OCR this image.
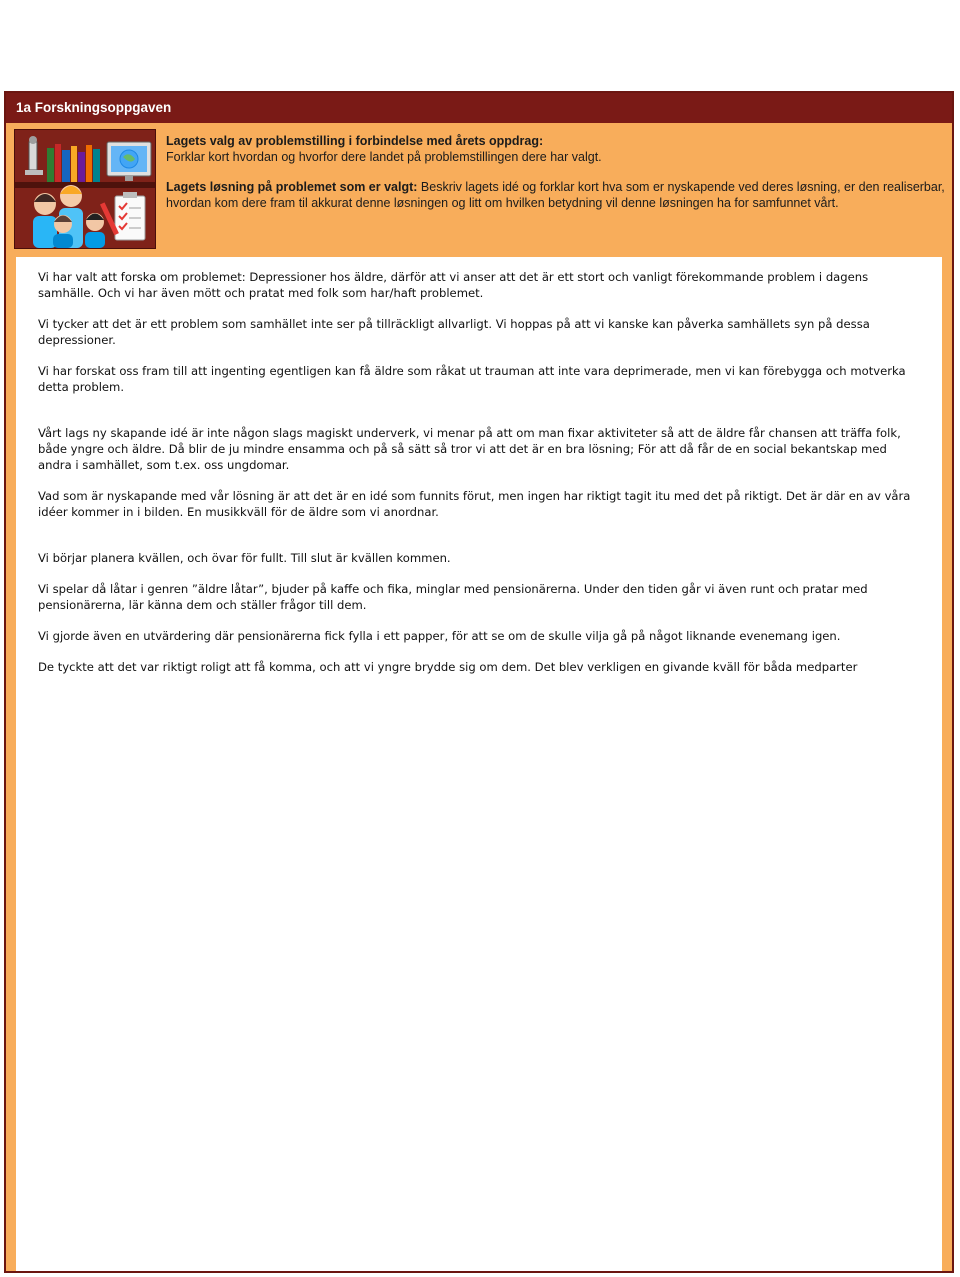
1a Forskningsoppgaven

Lagets valg av problemstilling i forbindelse med årets oppdrag:

Forklar kort hvordan og hvorfor dere landet på problemstillingen dere har valgt.

Lagets løsning på problemet som er valgt: Beskriv lagets idé og forklar kort hva som er nyskapende ved deres løsning, er den realiserbar, hvordan kom dere fram til akkurat denne løsningen og litt om hvilken betydning vil denne løsningen ha for samfunnet vårt.

Vi har valt att forska om problemet: Depressioner hos äldre, därför att vi anser att det är ett stort och vanligt förekommande problem i dagens samhälle. Och vi har även mött och pratat med folk som har/haft problemet.

Vi tycker att det är ett problem som samhället inte ser på tillräckligt allvarligt. Vi hoppas på att vi kanske kan påverka samhällets syn på dessa depressioner.

Vi har forskat oss fram till att ingenting egentligen kan få äldre som råkat ut trauman att inte vara deprimerade, men vi kan förebygga och motverka detta problem.

Vårt lags ny skapande idé är inte någon slags magiskt underverk, vi menar på att om man fixar aktiviteter så att de äldre får chansen att träffa folk, både yngre och äldre. Då blir de ju mindre ensamma och på så sätt så tror vi att det är en bra lösning; För att då får de en social bekantskap med andra i samhället, som t.ex. oss ungdomar.

Vad som är nyskapande med vår lösning är att det är en idé som funnits förut, men ingen har riktigt tagit itu med det på riktigt. Det är där en av våra idéer kommer in i bilden. En musikkväll för de äldre som vi anordnar.

Vi börjar planera kvällen, och övar för fullt. Till slut är kvällen kommen.

Vi spelar då låtar i genren ”äldre låtar”, bjuder på kaffe och fika, minglar med pensionärerna. Under den tiden går vi även runt och pratar med pensionärerna, lär känna dem och ställer frågor till dem.

Vi gjorde även en utvärdering där pensionärerna fick fylla i ett papper, för att se om de skulle vilja gå på något liknande evenemang igen.

De tyckte att det var riktigt roligt att få komma, och att vi yngre brydde sig om dem. Det blev verkligen en givande kväll för båda medparter
